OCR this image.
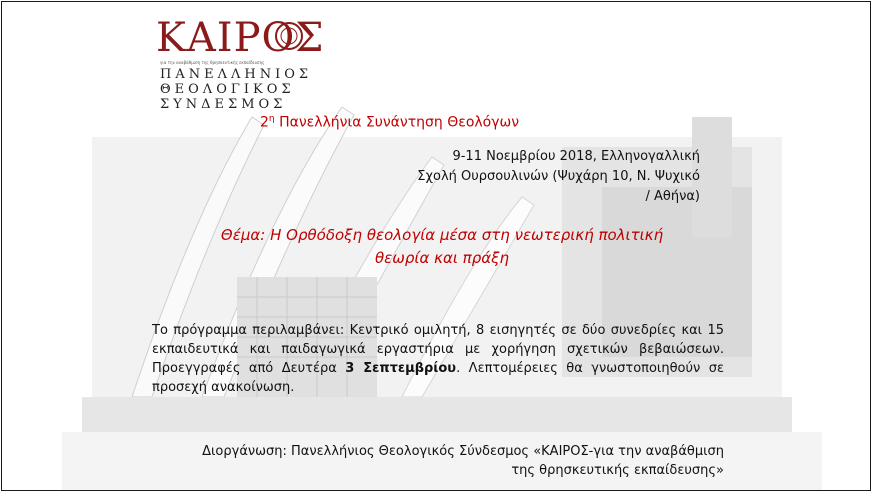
ΚΑΙΡΟΣ
για την αναβάθμιση της θρησκευτικής εκπαίδευσης
ΠΑΝΕΛΛΗΝΙΟΣ
ΘΕΟΛΟΓΙΚΟΣ
ΣΥΝΔΕΣΜΟΣ
$2^\eta$ Πανελλήνια Συνάντηση Θεολόγων
9-11 Νοεμβρίου 2018, Ελληνογαλλική
Σχολή Ουρσουλινών (Ψυχάρη 10, Ν. Ψυχικό
/ Αθήνα)
Θέμα: Η Ορθόδοξη θεολογία μέσα στη νεωτερική πολιτική
θεωρία και πράξη
Το πρόγραμμα περιλαμβάνει: Κεντρικό ομιλητή, 8 εισηγητές σε δύο συνεδρίες και 15 εκπαιδευτικά και παιδαγωγικά εργαστήρια με χορήγηση σχετικών βεβαιώσεων. Προεγγραφές από Δευτέρα 3 Σεπτεμβρίου. Λεπτομέρειες θα γνωστοποιηθούν σε προσεχή ανακοίνωση.
Διοργάνωση: Πανελλήνιος Θεολογικός Σύνδεσμος «ΚΑΙΡΟΣ-για την αναβάθμιση
της θρησκευτικής εκπαίδευσης»
